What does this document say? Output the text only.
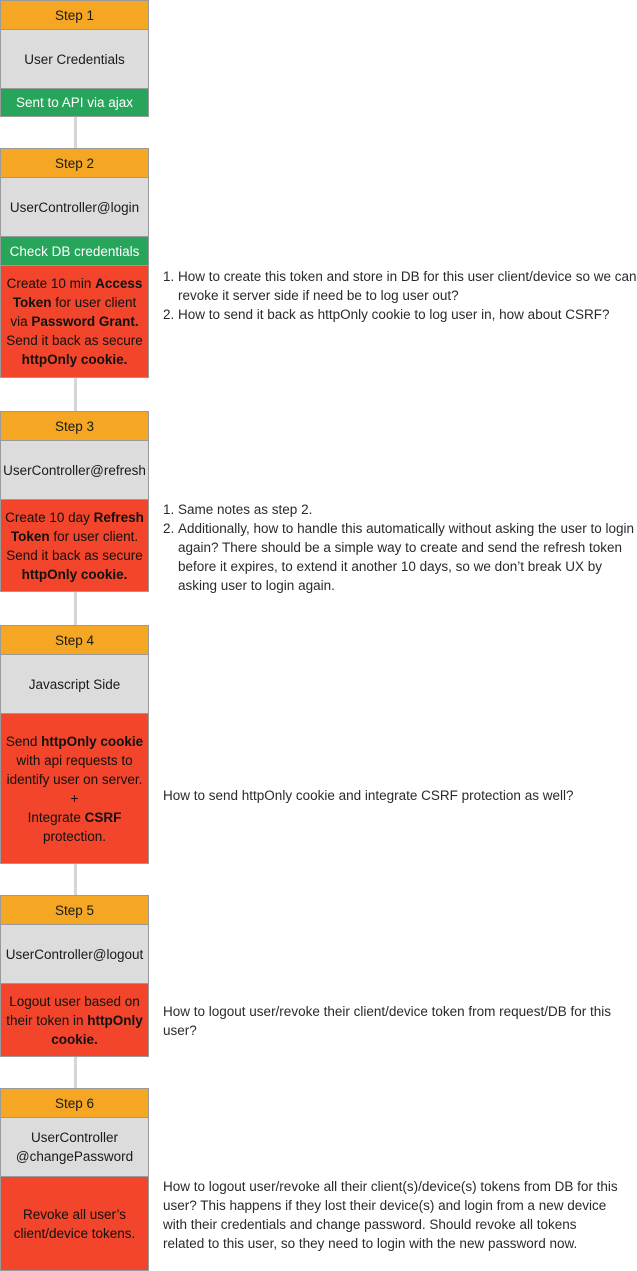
Step 1
User Credentials
Sent to API via ajax
Step 2
UserController@login
Check DB credentials
Create 10 min Access Token for user client via Password Grant. Send it back as secure httpOnly cookie.
1. How to create this token and store in DB for this user client/device so we can revoke it server side if need be to log user out?
2. How to send it back as httpOnly cookie to log user in, how about CSRF?
Step 3
UserController@refresh
Create 10 day Refresh Token for user client. Send it back as secure httpOnly cookie.
1. Same notes as step 2.
2. Additionally, how to handle this automatically without asking the user to login again? There should be a simple way to create and send the refresh token before it expires, to extend it another 10 days, so we don’t break UX by asking user to login again.
Step 4
Javascript Side
Send httpOnly cookie with api requests to identify user on server.
+
Integrate CSRF protection.

How to send httpOnly cookie and integrate CSRF protection as well?

Step 5
UserController@logout
Logout user based on their token in httpOnly cookie.

How to logout user/revoke their client/device token from request/DB for this user?

Step 6
UserController
@changePassword
Revoke all user’s client/device tokens.

How to logout user/revoke all their client(s)/device(s) tokens from DB for this user? This happens if they lost their device(s) and login from a new device with their credentials and change password. Should revoke all tokens related to this user, so they need to login with the new password now.
